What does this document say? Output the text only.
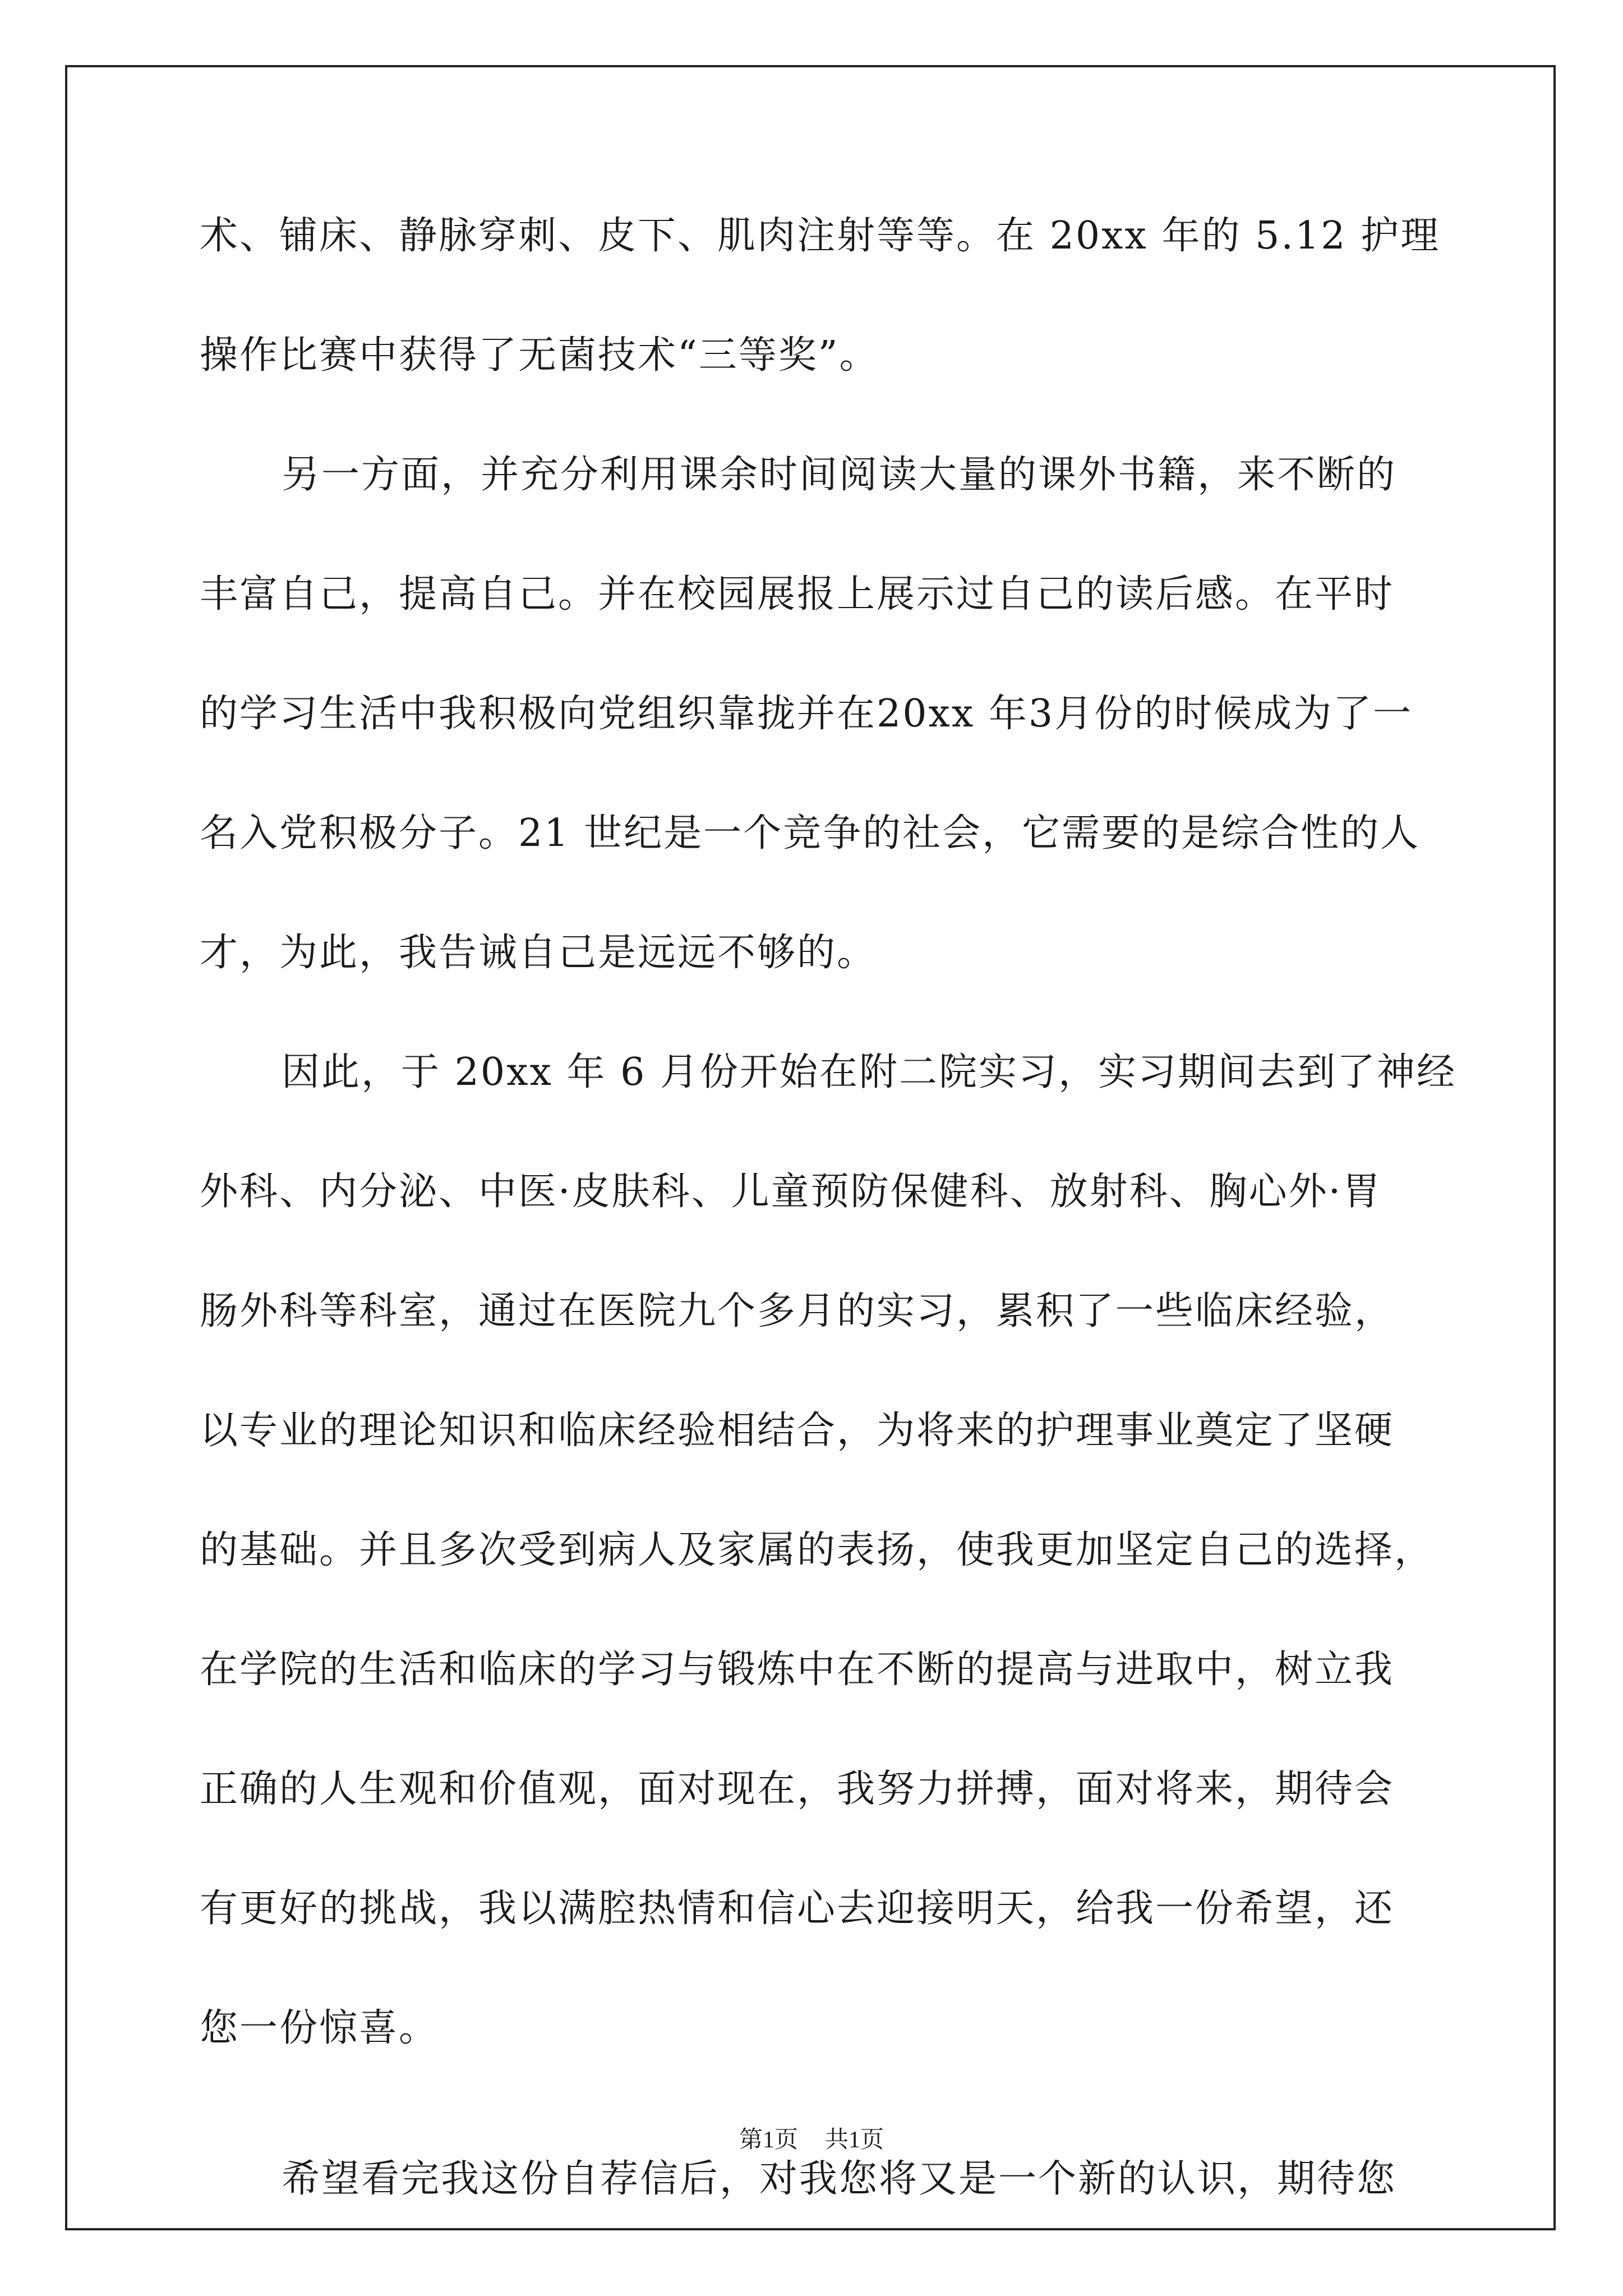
术、铺床、静脉穿刺、皮下、肌肉注射等等。在 20xx 年的 5.12 护理
操作比赛中获得了无菌技术“三等奖”。
另一方面，并充分利用课余时间阅读大量的课外书籍，来不断的
丰富自己，提高自己。并在校园展报上展示过自己的读后感。在平时
的学习生活中我积极向党组织靠拢并在20xx 年3月份的时候成为了一
名入党积极分子。21 世纪是一个竞争的社会，它需要的是综合性的人
才，为此，我告诫自己是远远不够的。
因此，于 20xx 年 6 月份开始在附二院实习，实习期间去到了神经
外科、内分泌、中医·皮肤科、儿童预防保健科、放射科、胸心外·胃
肠外科等科室，通过在医院九个多月的实习，累积了一些临床经验，
以专业的理论知识和临床经验相结合，为将来的护理事业奠定了坚硬
的基础。并且多次受到病人及家属的表扬，使我更加坚定自己的选择，
在学院的生活和临床的学习与锻炼中在不断的提高与进取中，树立我
正确的人生观和价值观，面对现在，我努力拼搏，面对将来，期待会
有更好的挑战，我以满腔热情和信心去迎接明天，给我一份希望，还
您一份惊喜。
希望看完我这份自荐信后，对我您将又是一个新的认识，期待您
第1页 共1页
